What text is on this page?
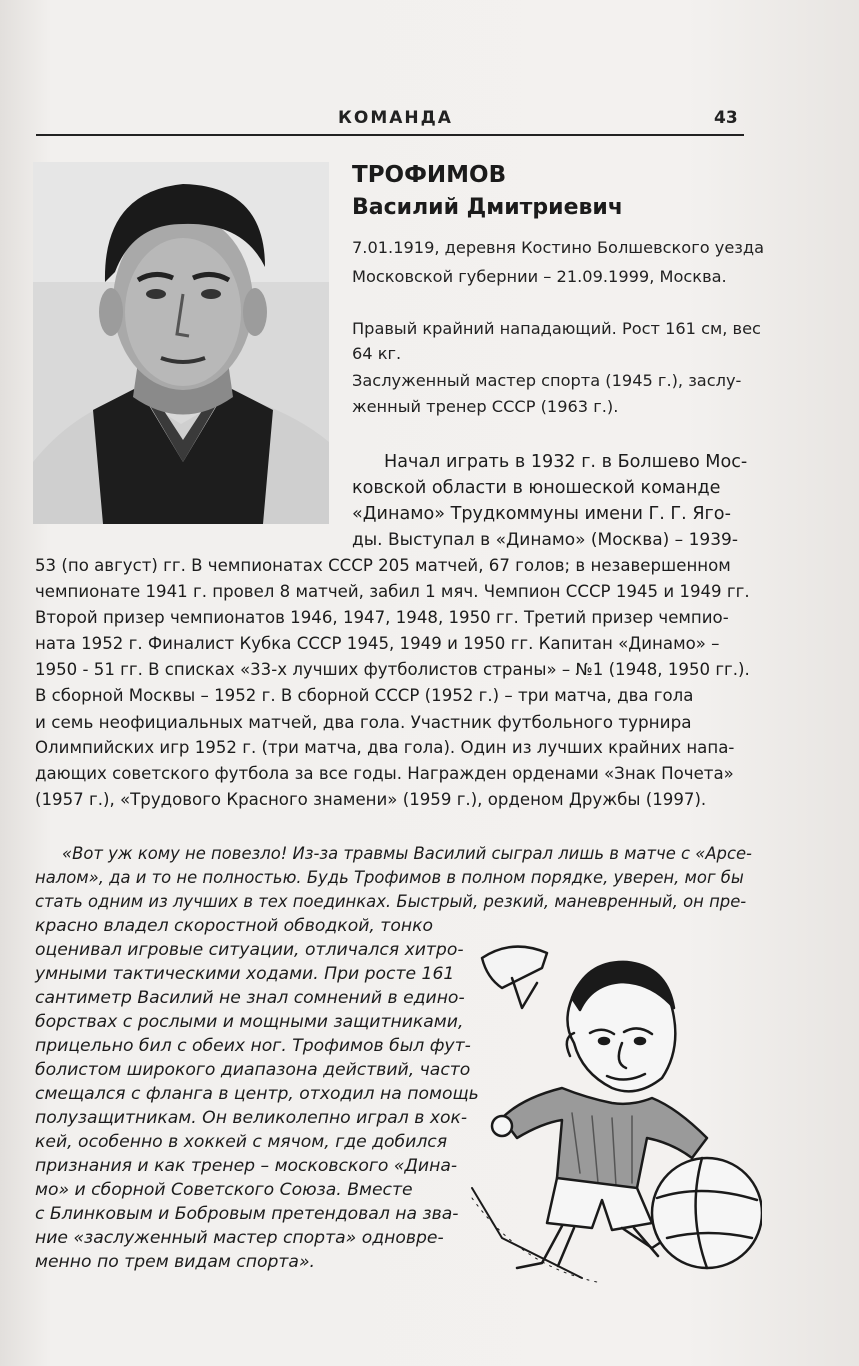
КОМАНДА	43
ТРОФИМОВ
Василий Дмитриевич
7.01.1919, деревня Костино Болшевского уезда
Московской губернии – 21.09.1999, Москва.
Правый крайний нападающий. Рост 161 см, вес
64 кг.
Заслуженный мастер спорта (1945 г.), заслу-
женный тренер СССР (1963 г.).
Начал играть в 1932 г. в Болшево Мос-
ковской области в юношеской команде
«Динамо» Трудкоммуны имени Г. Г. Яго-
ды. Выступал в «Динамо» (Москва) – 1939-
53 (по август) гг. В чемпионатах СССР 205 матчей, 67 голов; в незавершенном
чемпионате 1941 г. провел 8 матчей, забил 1 мяч. Чемпион СССР 1945 и 1949 гг.
Второй призер чемпионатов 1946, 1947, 1948, 1950 гг. Третий призер чемпио-
ната 1952 г. Финалист Кубка СССР 1945, 1949 и 1950 гг. Капитан «Динамо» –
1950 - 51 гг. В списках «33-х лучших футболистов страны» – №1 (1948, 1950 гг.).
В сборной Москвы – 1952 г. В сборной СССР (1952 г.) – три матча, два гола
и семь неофициальных матчей, два гола. Участник футбольного турнира
Олимпийских игр 1952 г. (три матча, два гола). Один из лучших крайних напа-
дающих советского футбола за все годы. Награжден орденами «Знак Почета»
(1957 г.), «Трудового Красного знамени» (1959 г.), орденом Дружбы (1997).
«Вот уж кому не повезло! Из-за травмы Василий сыграл лишь в матче с «Арсе-
налом», да и то не полностью. Будь Трофимов в полном порядке, уверен, мог бы
стать одним из лучших в тех поединках. Быстрый, резкий, маневренный, он пре-
красно владел скоростной обводкой, тонко
оценивал игровые ситуации, отличался хитро-
умными тактическими ходами. При росте 161
сантиметр Василий не знал сомнений в едино-
борствах с рослыми и мощными защитниками,
прицельно бил с обеих ног. Трофимов был фут-
болистом широкого диапазона действий, часто
смещался с фланга в центр, отходил на помощь
полузащитникам. Он великолепно играл в хок-
кей, особенно в хоккей с мячом, где добился
признания и как тренер – московского «Дина-
мо» и сборной Советского Союза. Вместе
с Блинковым и Бобровым претендовал на зва-
ние «заслуженный мастер спорта» одновре-
менно по трем видам спорта».
